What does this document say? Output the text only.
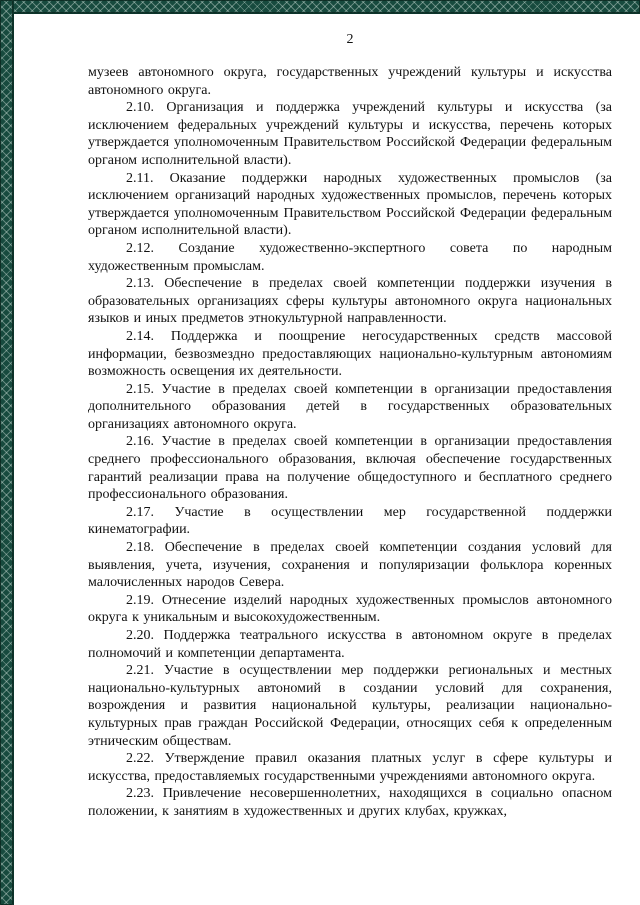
2

музеев автономного округа, государственных учреждений культуры и искусства автономного округа.

2.10. Организация и поддержка учреждений культуры и искусства (за исключением федеральных учреждений культуры и искусства, перечень которых утверждается уполномоченным Правительством Российской Федерации федеральным органом исполнительной власти).

2.11. Оказание поддержки народных художественных промыслов (за исключением организаций народных художественных промыслов, перечень которых утверждается уполномоченным Правительством Российской Федерации федеральным органом исполнительной власти).

2.12. Создание художественно-экспертного совета по народным художественным промыслам.

2.13. Обеспечение в пределах своей компетенции поддержки изучения в образовательных организациях сферы культуры автономного округа национальных языков и иных предметов этнокультурной направленности.

2.14. Поддержка и поощрение негосударственных средств массовой информации, безвозмездно предоставляющих национально-культурным автономиям возможность освещения их деятельности.

2.15. Участие в пределах своей компетенции в организации предоставления дополнительного образования детей в государственных образовательных организациях автономного округа.

2.16. Участие в пределах своей компетенции в организации предоставления среднего профессионального образования, включая обеспечение государственных гарантий реализации права на получение общедоступного и бесплатного среднего профессионального образования.

2.17. Участие в осуществлении мер государственной поддержки кинематографии.

2.18. Обеспечение в пределах своей компетенции создания условий для выявления, учета, изучения, сохранения и популяризации фольклора коренных малочисленных народов Севера.

2.19. Отнесение изделий народных художественных промыслов автономного округа к уникальным и высокохудожественным.

2.20. Поддержка театрального искусства в автономном округе в пределах полномочий и компетенции департамента.

2.21. Участие в осуществлении мер поддержки региональных и местных национально-культурных автономий в создании условий для сохранения, возрождения и развития национальной культуры, реализации национально-культурных прав граждан Российской Федерации, относящих себя к определенным этническим обществам.

2.22. Утверждение правил оказания платных услуг в сфере культуры и искусства, предоставляемых государственными учреждениями автономного округа.

2.23. Привлечение несовершеннолетних, находящихся в социально опасном положении, к занятиям в художественных и других клубах, кружках,
